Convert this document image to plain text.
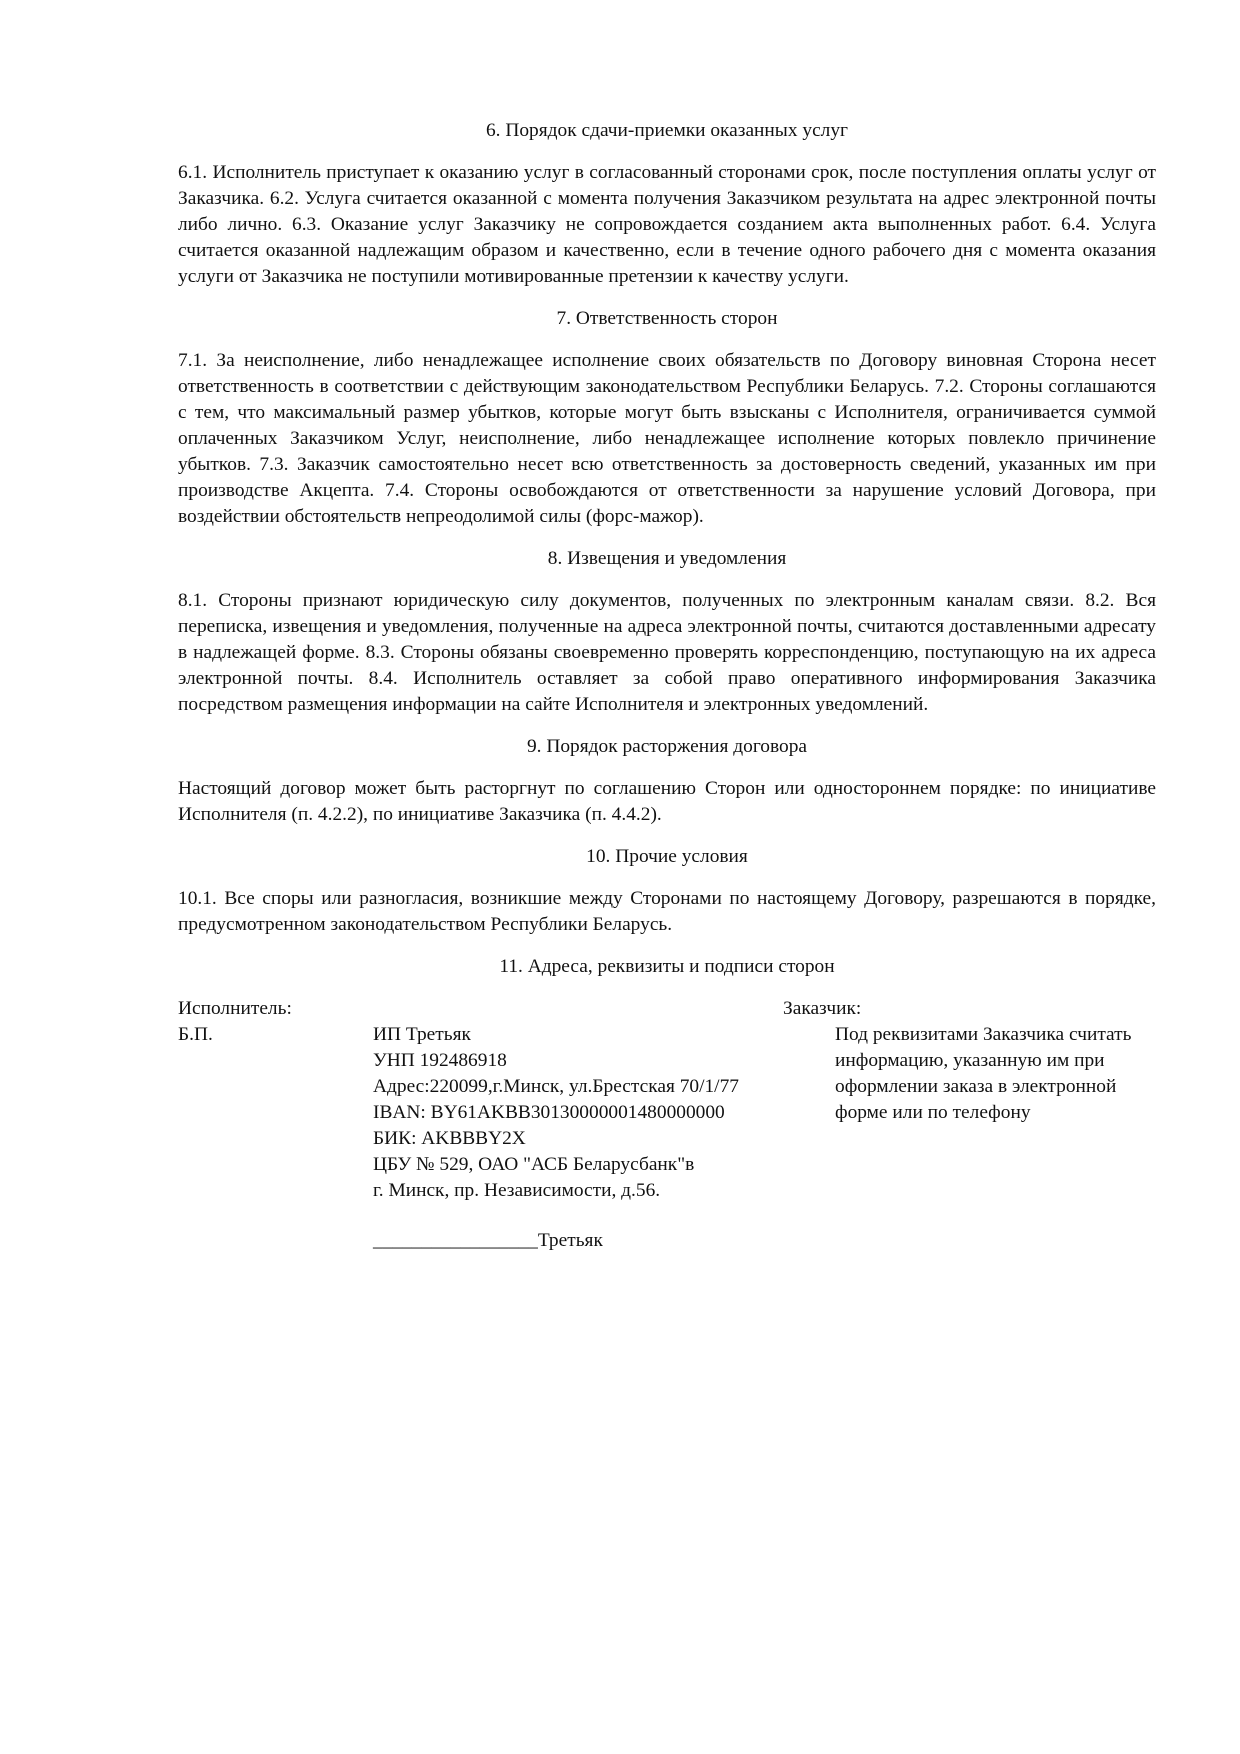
6. Порядок сдачи-приемки оказанных услуг
6.1. Исполнитель приступает к оказанию услуг в согласованный сторонами срок, после поступления оплаты услуг от Заказчика. 6.2. Услуга считается оказанной с момента получения Заказчиком результата на адрес электронной почты либо лично. 6.3. Оказание услуг Заказчику не сопровождается созданием акта выполненных работ. 6.4. Услуга считается оказанной надлежащим образом и качественно, если в течение одного рабочего дня с момента оказания услуги от Заказчика не поступили мотивированные претензии к качеству услуги.
7. Ответственность сторон
7.1. За неисполнение, либо ненадлежащее исполнение своих обязательств по Договору виновная Сторона несет ответственность в соответствии с действующим законодательством Республики Беларусь. 7.2. Стороны соглашаются с тем, что максимальный размер убытков, которые могут быть взысканы с Исполнителя, ограничивается суммой оплаченных Заказчиком Услуг, неисполнение, либо ненадлежащее исполнение которых повлекло причинение убытков. 7.3. Заказчик самостоятельно несет всю ответственность за достоверность сведений, указанных им при производстве Акцепта. 7.4. Стороны освобождаются от ответственности за нарушение условий Договора, при воздействии обстоятельств непреодолимой силы (форс-мажор).
8. Извещения и уведомления
8.1. Стороны признают юридическую силу документов, полученных по электронным каналам связи. 8.2. Вся переписка, извещения и уведомления, полученные на адреса электронной почты, считаются доставленными адресату в надлежащей форме. 8.3. Стороны обязаны своевременно проверять корреспонденцию, поступающую на их адреса электронной почты. 8.4. Исполнитель оставляет за собой право оперативного информирования Заказчика посредством размещения информации на сайте Исполнителя и электронных уведомлений.
9. Порядок расторжения договора
Настоящий договор может быть расторгнут по соглашению Сторон или одностороннем порядке: по инициативе Исполнителя (п. 4.2.2), по инициативе Заказчика (п. 4.4.2).
10. Прочие условия
10.1. Все споры или разногласия, возникшие между Сторонами по настоящему Договору, разрешаются в порядке, предусмотренном законодательством Республики Беларусь.
11. Адреса, реквизиты и подписи сторон
Исполнитель:
Б.П.	ИП Третьяк
УНП 192486918
Адрес:220099,г.Минск, ул.Брестская 70/1/77
IBAN: BY61AKBB30130000001480000000
БИК: AKBBBY2X
ЦБУ № 529, ОАО "АСБ Беларусбанк"в
г. Минск, пр. Независимости, д.56.
_________________Третьяк
Заказчик:
Под реквизитами Заказчика считать
информацию, указанную им при
оформлении заказа в электронной
форме или по телефону
